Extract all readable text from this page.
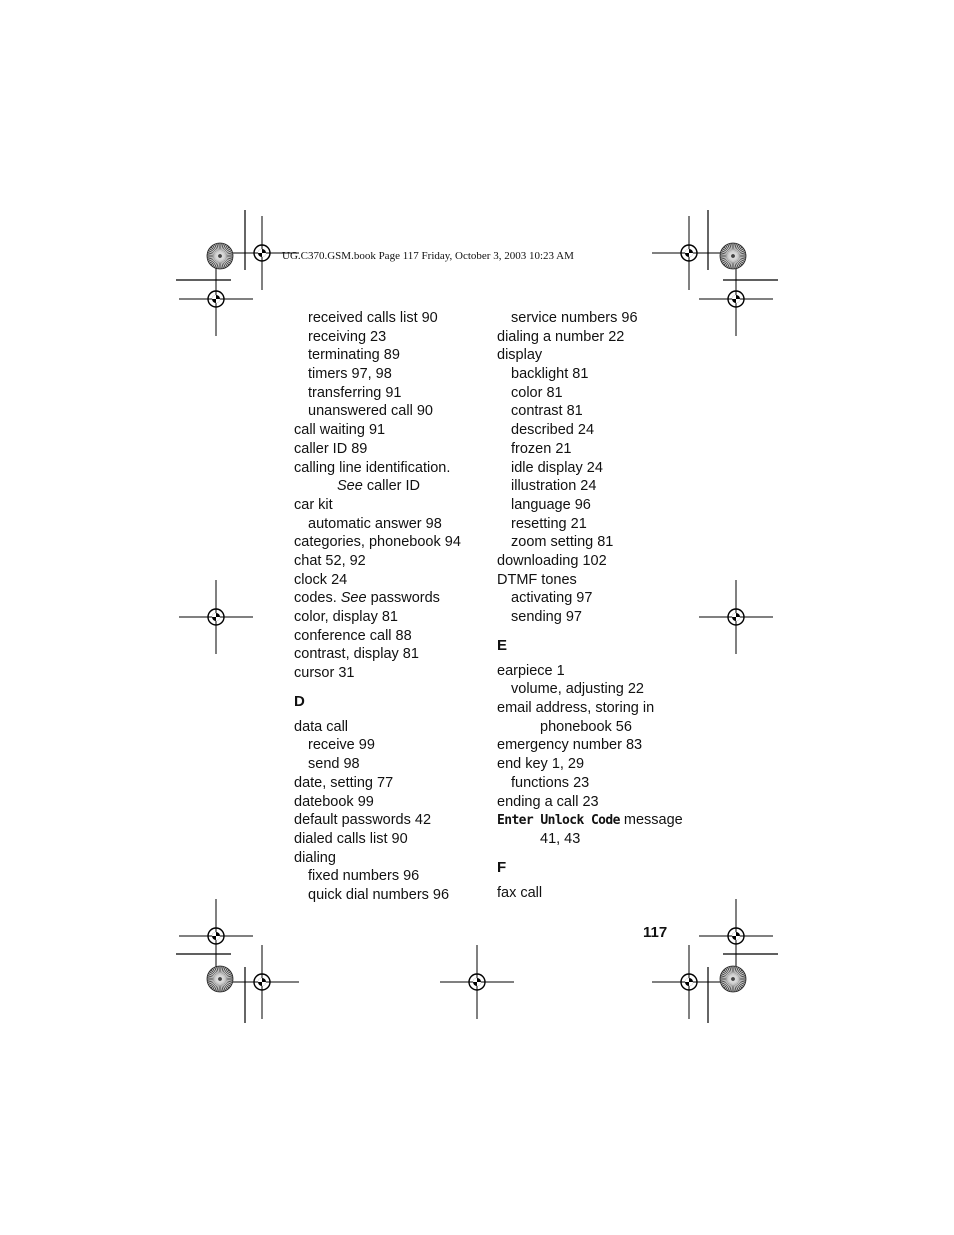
UG.C370.GSM.book Page 117 Friday, October 3, 2003 10:23 AM
received calls list 90
receiving 23
terminating 89
timers 97, 98
transferring 91
unanswered call 90
call waiting 91
caller ID 89
calling line identification.
See caller ID
car kit
automatic answer 98
categories, phonebook 94
chat 52, 92
clock 24
codes. See passwords
color, display 81
conference call 88
contrast, display 81
cursor 31
D
data call
receive 99
send 98
date, setting 77
datebook 99
default passwords 42
dialed calls list 90
dialing
fixed numbers 96
quick dial numbers 96
service numbers 96
dialing a number 22
display
backlight 81
color 81
contrast 81
described 24
frozen 21
idle display 24
illustration 24
language 96
resetting 21
zoom setting 81
downloading 102
DTMF tones
activating 97
sending 97
E
earpiece 1
volume, adjusting 22
email address, storing in
phonebook 56
emergency number 83
end key 1, 29
functions 23
ending a call 23
Enter Unlock Code message
41, 43
F
fax call
117
